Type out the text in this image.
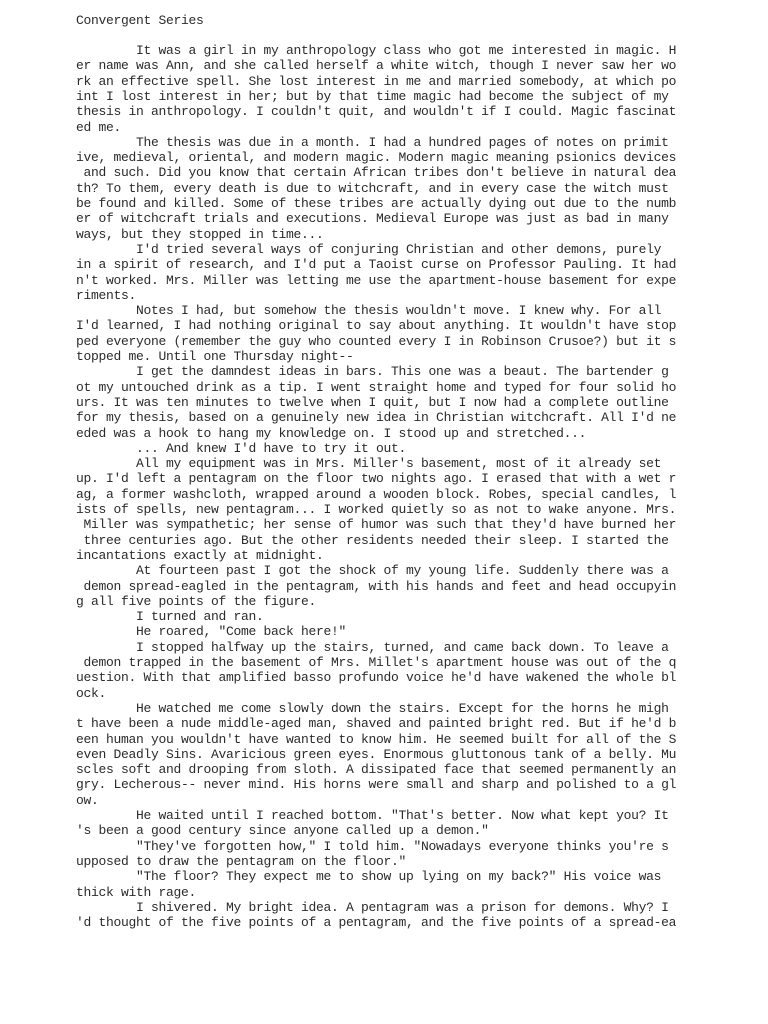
Convergent Series
It was a girl in my anthropology class who got me interested in magic. H
er name was Ann, and she called herself a white witch, though I never saw her wo
rk an effective spell. She lost interest in me and married somebody, at which po
int I lost interest in her; but by that time magic had become the subject of my
thesis in anthropology. I couldn't quit, and wouldn't if I could. Magic fascinat
ed me.
The thesis was due in a month. I had a hundred pages of notes on primit
ive, medieval, oriental, and modern magic. Modern magic meaning psionics devices
and such. Did you know that certain African tribes don't believe in natural dea
th? To them, every death is due to witchcraft, and in every case the witch must
be found and killed. Some of these tribes are actually dying out due to the numb
er of witchcraft trials and executions. Medieval Europe was just as bad in many
ways, but they stopped in time...
I'd tried several ways of conjuring Christian and other demons, purely
in a spirit of research, and I'd put a Taoist curse on Professor Pauling. It had
n't worked. Mrs. Miller was letting me use the apartment-house basement for expe
riments.
Notes I had, but somehow the thesis wouldn't move. I knew why. For all
I'd learned, I had nothing original to say about anything. It wouldn't have stop
ped everyone (remember the guy who counted every I in Robinson Crusoe?) but it s
topped me. Until one Thursday night--
I get the damndest ideas in bars. This one was a beaut. The bartender g
ot my untouched drink as a tip. I went straight home and typed for four solid ho
urs. It was ten minutes to twelve when I quit, but I now had a complete outline
for my thesis, based on a genuinely new idea in Christian witchcraft. All I'd ne
eded was a hook to hang my knowledge on. I stood up and stretched...
... And knew I'd have to try it out.
All my equipment was in Mrs. Miller's basement, most of it already set
up. I'd left a pentagram on the floor two nights ago. I erased that with a wet r
ag, a former washcloth, wrapped around a wooden block. Robes, special candles, l
ists of spells, new pentagram... I worked quietly so as not to wake anyone. Mrs.
Miller was sympathetic; her sense of humor was such that they'd have burned her
three centuries ago. But the other residents needed their sleep. I started the
incantations exactly at midnight.
At fourteen past I got the shock of my young life. Suddenly there was a
demon spread-eagled in the pentagram, with his hands and feet and head occupyin
g all five points of the figure.
I turned and ran.
He roared, "Come back here!"
I stopped halfway up the stairs, turned, and came back down. To leave a
demon trapped in the basement of Mrs. Millet's apartment house was out of the q
uestion. With that amplified basso profundo voice he'd have wakened the whole bl
ock.
He watched me come slowly down the stairs. Except for the horns he migh
t have been a nude middle-aged man, shaved and painted bright red. But if he'd b
een human you wouldn't have wanted to know him. He seemed built for all of the S
even Deadly Sins. Avaricious green eyes. Enormous gluttonous tank of a belly. Mu
scles soft and drooping from sloth. A dissipated face that seemed permanently an
gry. Lecherous-- never mind. His horns were small and sharp and polished to a gl
ow.
He waited until I reached bottom. "That's better. Now what kept you? It
's been a good century since anyone called up a demon."
"They've forgotten how," I told him. "Nowadays everyone thinks you're s
upposed to draw the pentagram on the floor."
"The floor? They expect me to show up lying on my back?" His voice was
thick with rage.
I shivered. My bright idea. A pentagram was a prison for demons. Why? I
'd thought of the five points of a pentagram, and the five points of a spread-ea
